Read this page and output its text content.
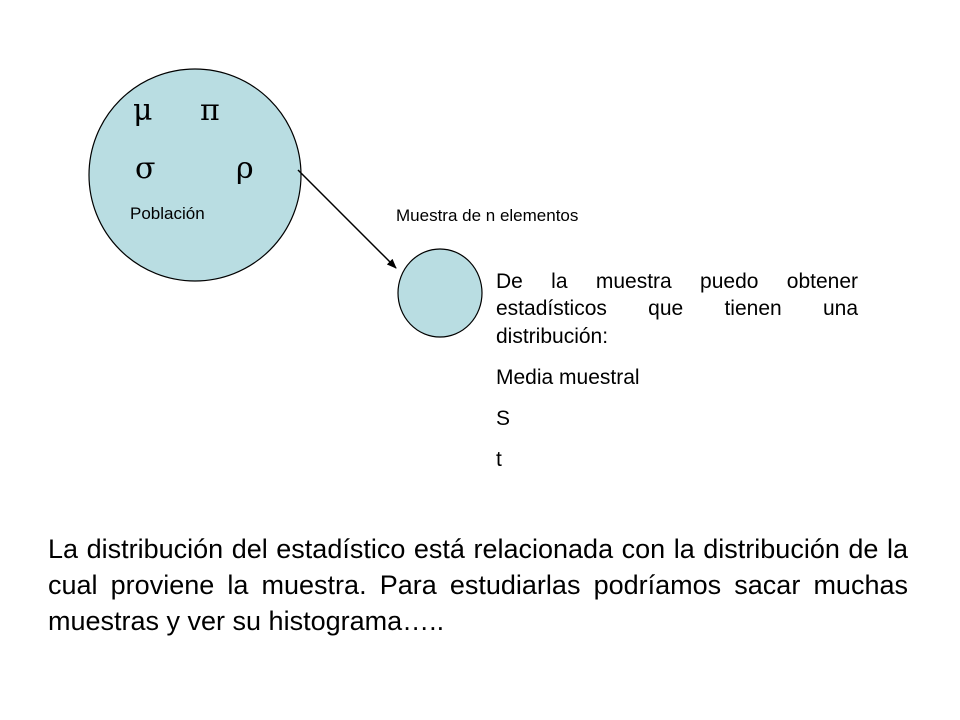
μ π
σ	ρ
Población	Muestra de n elementos

De la muestra puedo obtener estadísticos que tienen una distribución:

Media muestral

S

t

La distribución del estadístico está relacionada con la distribución de la cual proviene la muestra. Para estudiarlas podríamos sacar muchas muestras y ver su histograma…..
